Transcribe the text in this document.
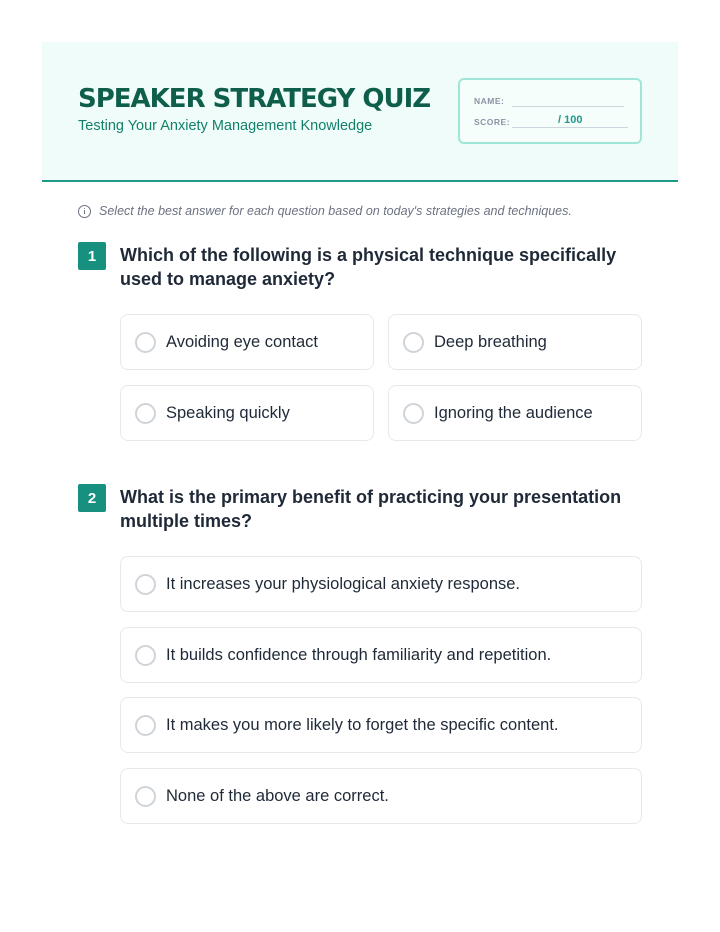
SPEAKER STRATEGY QUIZ
Testing Your Anxiety Management Knowledge
NAME:
SCORE:	/ 100
Select the best answer for each question based on today's strategies and techniques.
1	Which of the following is a physical technique specifically used to manage anxiety?
Avoiding eye contact	Deep breathing
Speaking quickly	Ignoring the audience
2	What is the primary benefit of practicing your presentation multiple times?
It increases your physiological anxiety response.
It builds confidence through familiarity and repetition.
It makes you more likely to forget the specific content.
None of the above are correct.
